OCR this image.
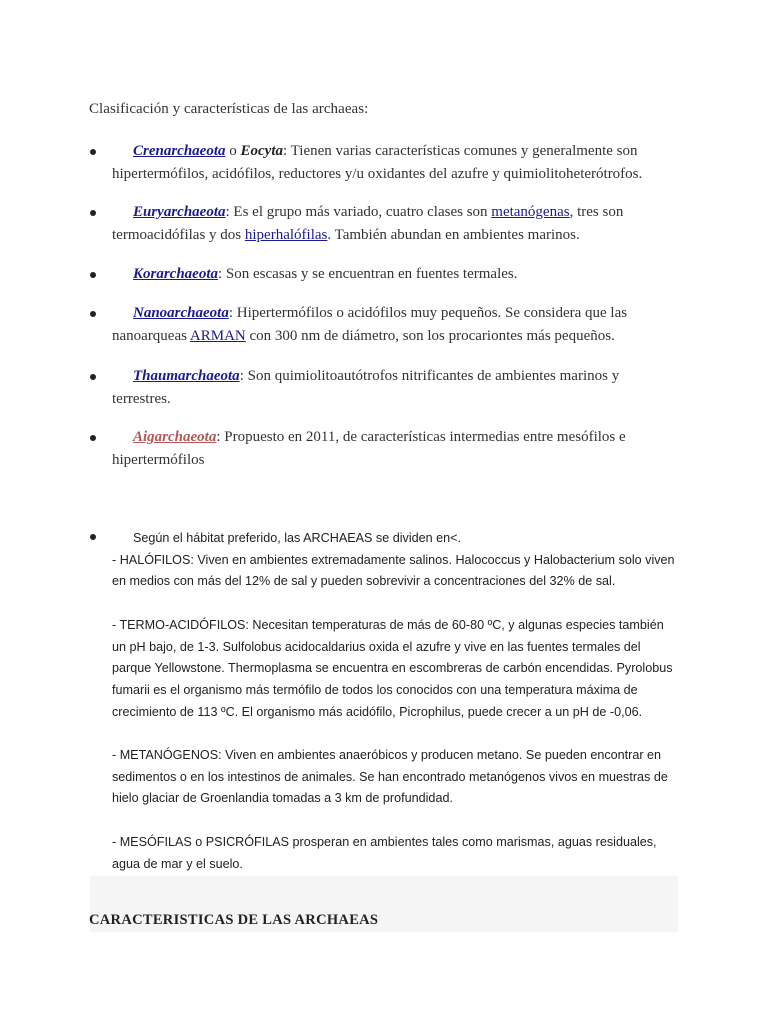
Clasificación y características de las archaeas:
Crenarchaeota o Eocyta: Tienen varias características comunes y generalmente son
hipertermófilos, acidófilos, reductores y/u oxidantes del azufre y quimiolitoheterótrofos.
Euryarchaeota: Es el grupo más variado, cuatro clases son metanógenas, tres son
termoacidófilas y dos hiperhalófilas. También abundan en ambientes marinos.
Korarchaeota: Son escasas y se encuentran en fuentes termales.
Nanoarchaeota: Hipertermófilos o acidófilos muy pequeños. Se considera que las
nanoarqueas ARMAN con 300 nm de diámetro, son los procariontes más pequeños.
Thaumarchaeota: Son quimiolitoautótrofos nitrificantes de ambientes marinos y
terrestres.
Aigarchaeota: Propuesto en 2011, de características intermedias entre mesófilos e
hipertermófilos

Según el hábitat preferido, las ARCHAEAS se dividen en<.

- HALÓFILOS: Viven en ambientes extremadamente salinos. Halococcus y Halobacterium solo viven

en medios con más del 12% de sal y pueden sobrevivir a concentraciones del 32% de sal.

- TERMO-ACIDÓFILOS: Necesitan temperaturas de más de 60-80 ºC, y algunas especies también

un pH bajo, de 1-3. Sulfolobus acidocaldarius oxida el azufre y vive en las fuentes termales del

parque Yellowstone. Thermoplasma se encuentra en escombreras de carbón encendidas. Pyrolobus

fumarii es el organismo más termófilo de todos los conocidos con una temperatura máxima de

crecimiento de 113 ºC. El organismo más acidófilo, Picrophilus, puede crecer a un pH de -0,06.

- METANÓGENOS: Viven en ambientes anaeróbicos y producen metano. Se pueden encontrar en

sedimentos o en los intestinos de animales. Se han encontrado metanógenos vivos en muestras de

hielo glaciar de Groenlandia tomadas a 3 km de profundidad.

- MESÓFILAS o PSICRÓFILAS prosperan en ambientes tales como marismas, aguas residuales,

agua de mar y el suelo.

CARACTERISTICAS DE LAS ARCHAEAS
